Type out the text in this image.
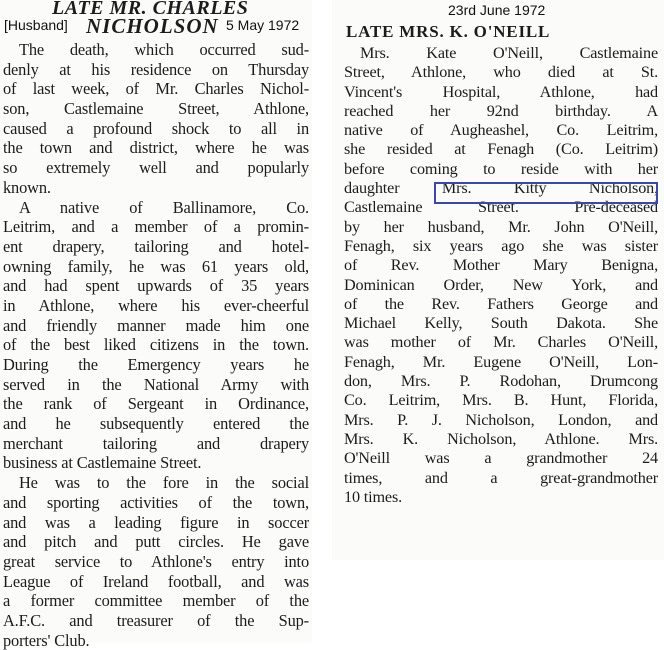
LATE MR. CHARLES
[Husband] NICHOLSON 5 May 1972
The death, which occurred sud-
denly at his residence on Thursday
of last week, of Mr. Charles Nichol-
son, Castlemaine Street, Athlone,
caused a profound shock to all in
the town and district, where he was
so extremely well and popularly
known.
A native of Ballinamore, Co.
Leitrim, and a member of a promin-
ent drapery, tailoring and hotel-
owning family, he was 61 years old,
and had spent upwards of 35 years
in Athlone, where his ever-cheerful
and friendly manner made him one
of the best liked citizens in the town.
During the Emergency years he
served in the National Army with
the rank of Sergeant in Ordinance,
and he subsequently entered the
merchant tailoring and drapery
business at Castlemaine Street.
He was to the fore in the social
and sporting activities of the town,
and was a leading figure in soccer
and pitch and putt circles. He gave
great service to Athlone's entry into
League of Ireland football, and was
a former committee member of the
A.F.C. and treasurer of the Sup-
porters' Club.
23rd June 1972
LATE MRS. K. O'NEILL
Mrs. Kate O'Neill, Castlemaine
Street, Athlone, who died at St.
Vincent's Hospital, Athlone, had
reached her 92nd birthday. A
native of Augheashel, Co. Leitrim,
she resided at Fenagh (Co. Leitrim)
before coming to reside with her
daughter Mrs. Kitty Nicholson,
Castlemaine Street. Pre-deceased
by her husband, Mr. John O'Neill,
Fenagh, six years ago she was sister
of Rev. Mother Mary Benigna,
Dominican Order, New York, and
of the Rev. Fathers George and
Michael Kelly, South Dakota. She
was mother of Mr. Charles O'Neill,
Fenagh, Mr. Eugene O'Neill, Lon-
don, Mrs. P. Rodohan, Drumcong
Co. Leitrim, Mrs. B. Hunt, Florida,
Mrs. P. J. Nicholson, London, and
Mrs. K. Nicholson, Athlone. Mrs.
O'Neill was a grandmother 24
times, and a great-grandmother
10 times.
